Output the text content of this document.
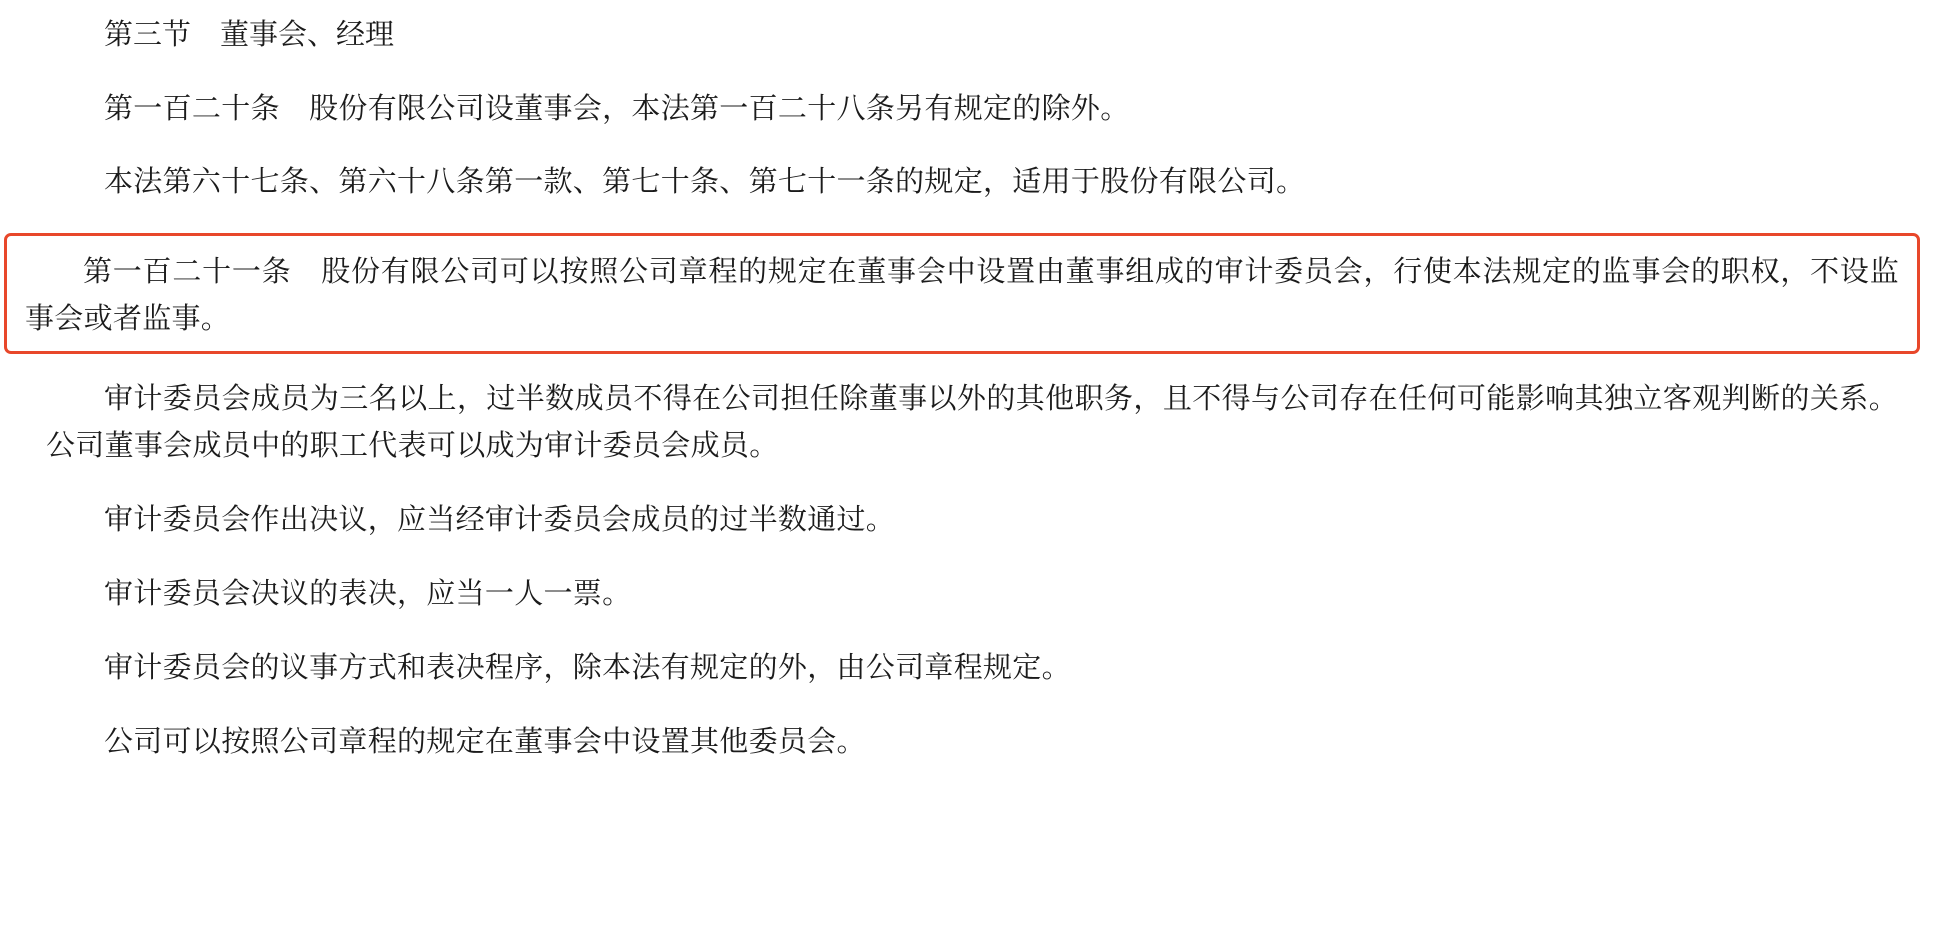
第三节　董事会、经理

第一百二十条　股份有限公司设董事会，本法第一百二十八条另有规定的除外。

本法第六十七条、第六十八条第一款、第七十条、第七十一条的规定，适用于股份有限公司。

第一百二十一条　股份有限公司可以按照公司章程的规定在董事会中设置由董事组成的审计委员会，行使本法规定的监事会的职权，不设监事会或者监事。

审计委员会成员为三名以上，过半数成员不得在公司担任除董事以外的其他职务，且不得与公司存在任何可能影响其独立客观判断的关系。公司董事会成员中的职工代表可以成为审计委员会成员。

审计委员会作出决议，应当经审计委员会成员的过半数通过。

审计委员会决议的表决，应当一人一票。

审计委员会的议事方式和表决程序，除本法有规定的外，由公司章程规定。

公司可以按照公司章程的规定在董事会中设置其他委员会。
